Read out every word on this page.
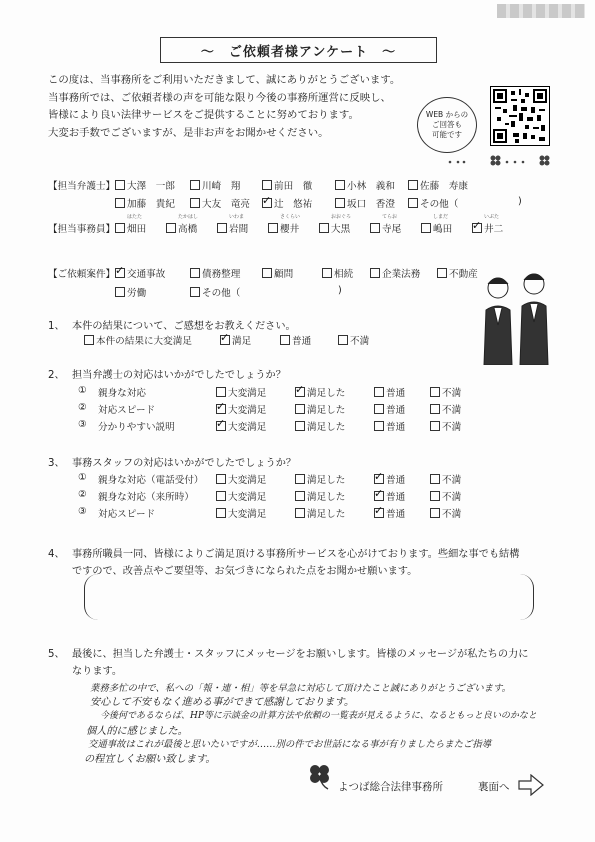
～　ご依頼者様アンケート　～
この度は、当事務所をご利用いただきまして、誠にありがとうございます。
当事務所では、ご依頼者様の声を可能な限り今後の事務所運営に反映し、
皆様により良い法律サービスをご提供することに努めております。
大変お手数でございますが、是非お声をお聞かせください。
WEB からの
ご回答も
可能です
【担当弁護士】 大澤　一郎	川崎　翔	前田　徹	小林　義和	佐藤　寿康
加藤　貴紀	大友　竜亮 ✓	辻　悠祐	坂口　香澄	その他（	)
【担当事務員】 畑田	高橋	岩間	櫻井	大黒	寺尾	嶋田 ✓	井二
はたた	たかはし	いわま	さくらい	おおぐろ	てらお	しまだ	いぶた
【ご依頼案件】 ✓ 交通事故	債務整理	顧問	相続	企業法務	不動産
労働	その他（	)
1、 本件の結果について、ご感想をお教えください。
本件の結果に大変満足 ✓	満足	普通	不満
2、 担当弁護士の対応はいかがでしたでしょうか？
① 親身な対応	大変満足 ✓	満足した	普通	不満
② 対応スピード ✓	大変満足	満足した	普通	不満
③ 分かりやすい説明 ✓	大変満足	満足した	普通	不満
3、 事務スタッフの対応はいかがでしたでしょうか？
① 親身な対応（電話受付）	大変満足	満足した ✓	普通	不満
② 親身な対応（来所時）	大変満足	満足した ✓	普通	不満
③ 対応スピード	大変満足	満足した ✓	普通	不満
4、 事務所職員一同、皆様によりご満足頂ける事務所サービスを心がけております。些細な事でも結構
ですので、改善点やご要望等、お気づきになられた点をお聞かせ願います。
5、 最後に、担当した弁護士・スタッフにメッセージをお願いします。皆様のメッセージが私たちの力に
なります。
業務多忙の中で、私への「報・連・相」等を早急に対応して頂けたこと誠にありがとうございます。
安心して不安もなく進める事ができて感謝しております。
今後何であるならば、HP等に示談金の計算方法や依頼の一覧表が見えるように、なるともっと良いのかなと
個人的に感じました。
交通事故はこれが最後と思いたいですが……別の件でお世話になる事が有りましたらまたご指導
の程宜しくお願い致します。
よつば総合法律事務所	裏面へ
